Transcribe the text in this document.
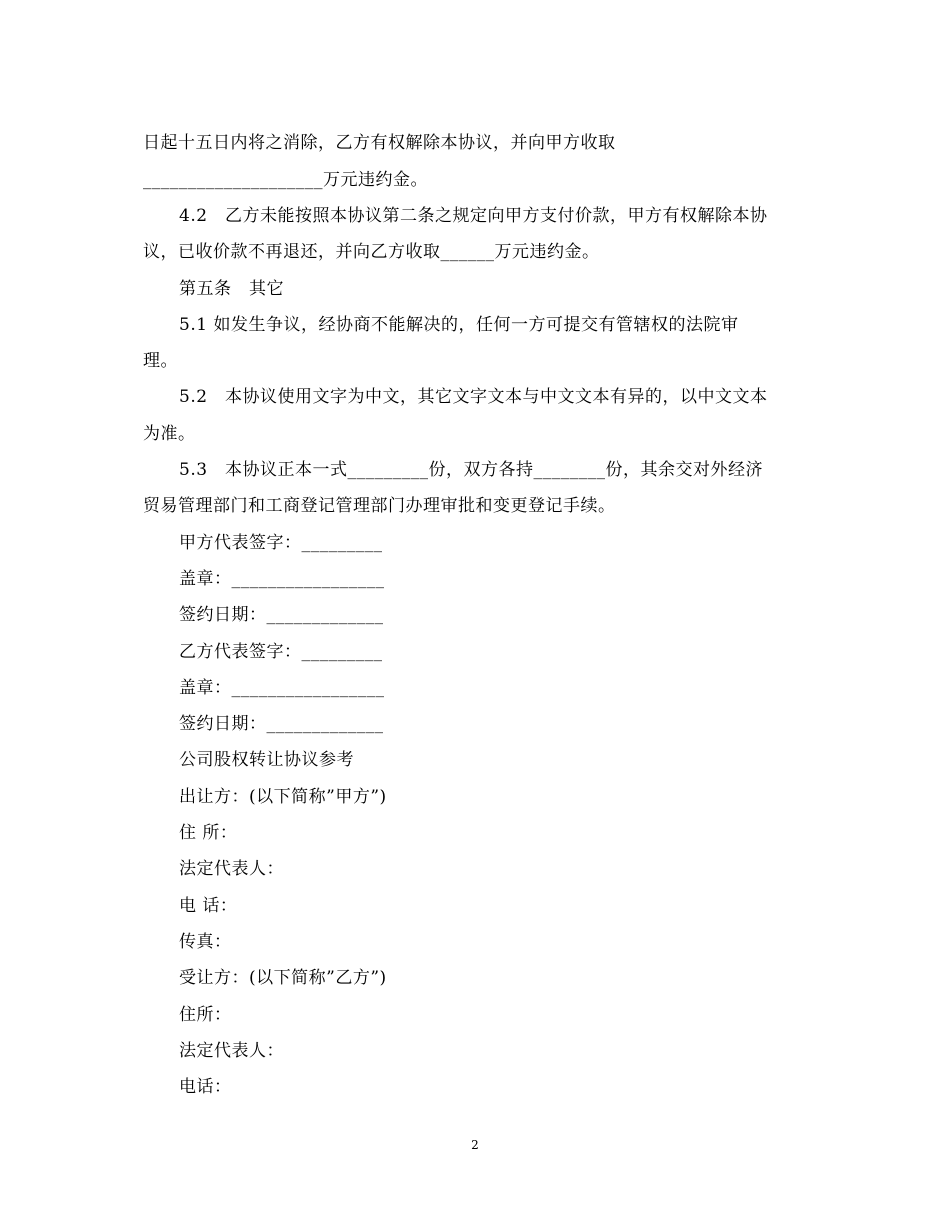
日起十五日内将之消除，乙方有权解除本协议，并向甲方收取
____________________万元违约金。
4.2　乙方未能按照本协议第二条之规定向甲方支付价款，甲方有权解除本协
议，已收价款不再退还，并向乙方收取______万元违约金。
第五条　其它
5.1 如发生争议，经协商不能解决的，任何一方可提交有管辖权的法院审
理。
5.2　本协议使用文字为中文，其它文字文本与中文文本有异的，以中文文本
为准。
5.3　本协议正本一式_________份，双方各持________份，其余交对外经济
贸易管理部门和工商登记管理部门办理审批和变更登记手续。
甲方代表签字：_________
盖章：_________________
签约日期：_____________
乙方代表签字：_________
盖章：_________________
签约日期：_____________
公司股权转让协议参考
出让方：(以下简称”甲方”)
住 所：
法定代表人：
电 话：
传真：
受让方：(以下简称”乙方”)
住所：
法定代表人：
电话：
2
